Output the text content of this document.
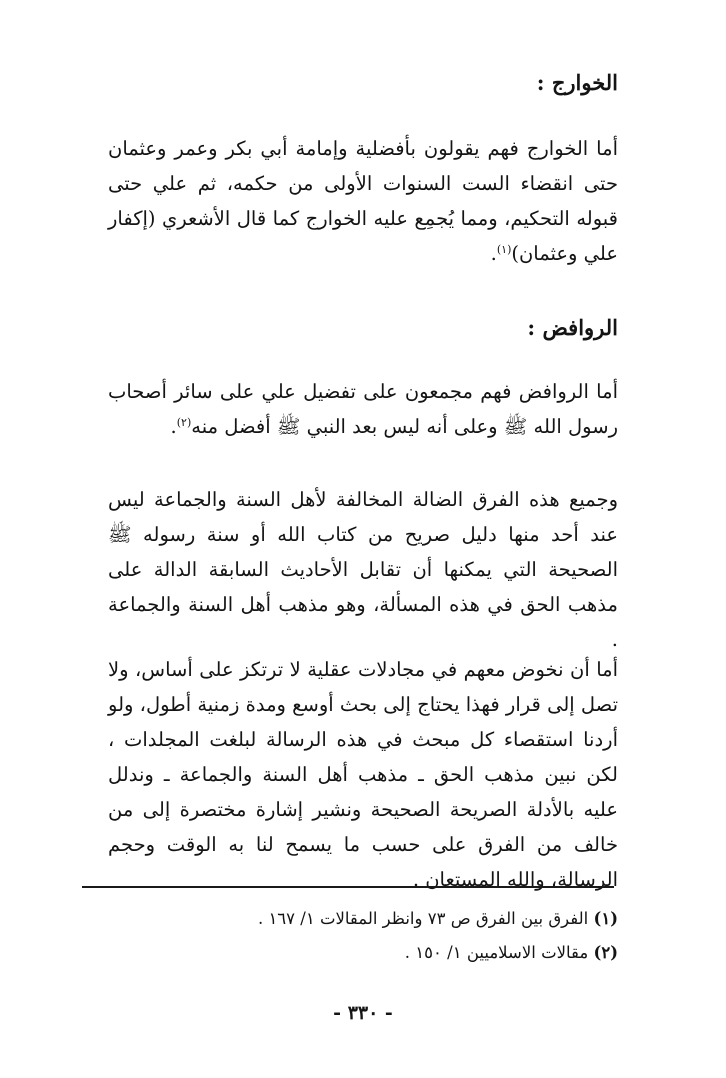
الخوارج :

أما الخوارج فهم يقولون بأفضلية وإمامة أبي بكر وعمر وعثمان حتى انقضاء الست السنوات الأولى من حكمه، ثم علي حتى قبوله التحكيم، ومما يُجمِع عليه الخوارج كما قال الأشعري (إكفار علي وعثمان)$^{(١)}$.

الروافض :

أما الروافض فهم مجمعون على تفضيل علي على سائر أصحاب رسول الله ﷺ وعلى أنه ليس بعد النبي ﷺ أفضل منه$^{(٢)}$.

وجميع هذه الفرق الضالة المخالفة لأهل السنة والجماعة ليس عند أحد منها دليل صريح من كتاب الله أو سنة رسوله ﷺ الصحيحة التي يمكنها أن تقابل الأحاديث السابقة الدالة على مذهب الحق في هذه المسألة، وهو مذهب أهل السنة والجماعة .

أما أن نخوض معهم في مجادلات عقلية لا ترتكز على أساس، ولا تصل إلى قرار فهذا يحتاج إلى بحث أوسع ومدة زمنية أطول، ولو أردنا استقصاء كل مبحث في هذه الرسالة لبلغت المجلدات ، لكن نبين مذهب الحق ـ مذهب أهل السنة والجماعة ـ وندلل عليه بالأدلة الصريحة الصحيحة ونشير إشارة مختصرة إلى من خالف من الفرق على حسب ما يسمح لنا به الوقت وحجم الرسالة، والله المستعان .

(١) الفرق بين الفرق ص ٧٣ وانظر المقالات ١/ ١٦٧ .
(٢) مقالات الاسلاميين ١/ ١٥٠ .
- ٣٣٠ -
